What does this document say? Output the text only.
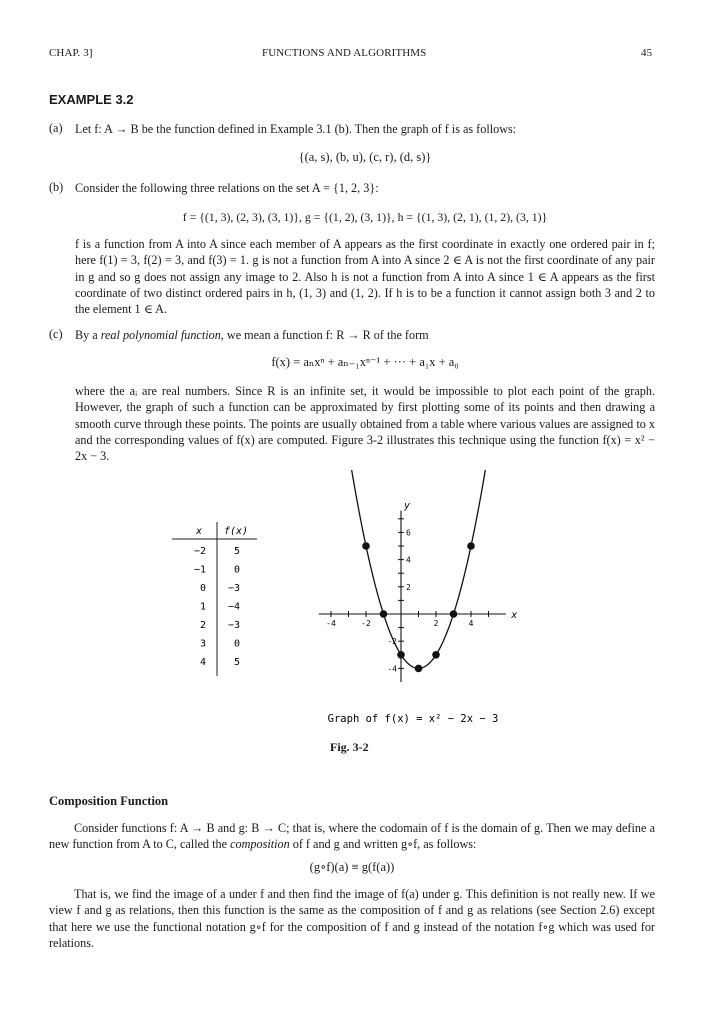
CHAP. 3]	FUNCTIONS AND ALGORITHMS	45
EXAMPLE 3.2
(a) Let f: A → B be the function defined in Example 3.1 (b). Then the graph of f is as follows:
{(a, s), (b, u), (c, r), (d, s)}
(b) Consider the following three relations on the set A = {1, 2, 3}:
f = {(1, 3), (2, 3), (3, 1)}, g = {(1, 2), (3, 1)}, h = {(1, 3), (2, 1), (1, 2), (3, 1)}
f is a function from A into A since each member of A appears as the first coordinate in exactly one ordered pair in f; here f(1) = 3, f(2) = 3, and f(3) = 1. g is not a function from A into A since 2 ∈ A is not the first coordinate of any pair in g and so g does not assign any image to 2. Also h is not a function from A into A since 1 ∈ A appears as the first coordinate of two distinct ordered pairs in h, (1, 3) and (1, 2). If h is to be a function it cannot assign both 3 and 2 to the element 1 ∈ A.
(c) By a real polynomial function, we mean a function f: R → R of the form
f(x) = aₙxⁿ + aₙ₋₁xⁿ⁻¹ + ··· + a₁x + a₀
where the aᵢ are real numbers. Since R is an infinite set, it would be impossible to plot each point of the graph. However, the graph of such a function can be approximated by first plotting some of its points and then drawing a smooth curve through these points. The points are usually obtained from a table where various values are assigned to x and the corresponding values of f(x) are computed. Figure 3-2 illustrates this technique using the function f(x) = x² − 2x − 3.
x f(x)
−2	5
−1	0
0 −3
1 −4
2 −3
3	0
4	5
-4	-2	2	4
6
4
2
-2
-4
x
y
Graph of f(x) = x² − 2x − 3
Fig. 3-2
Composition Function
Consider functions f: A → B and g: B → C; that is, where the codomain of f is the domain of g. Then we may define a new function from A to C, called the composition of f and g and written g∘f, as follows:
(g∘f)(a) ≡ g(f(a))
That is, we find the image of a under f and then find the image of f(a) under g. This definition is not really new. If we view f and g as relations, then this function is the same as the composition of f and g as relations (see Section 2.6) except that here we use the functional notation g∘f for the composition of f and g instead of the notation f∘g which was used for relations.
